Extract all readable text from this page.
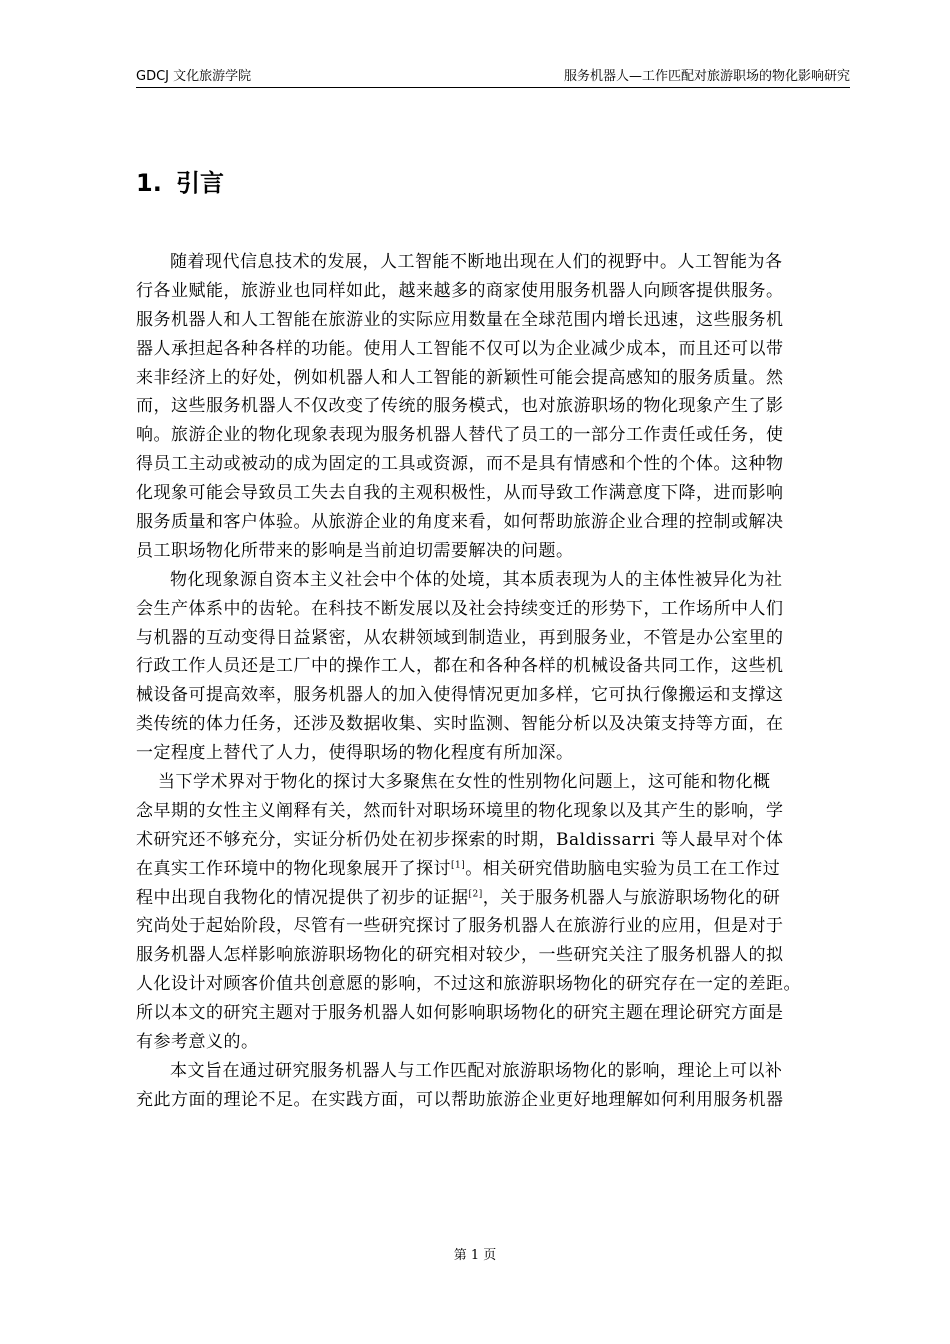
GDCJ 文化旅游学院	服务机器人—工作匹配对旅游职场的物化影响研究
1. 引言
随着现代信息技术的发展，人工智能不断地出现在人们的视野中。人工智能为各
行各业赋能，旅游业也同样如此，越来越多的商家使用服务机器人向顾客提供服务。
服务机器人和人工智能在旅游业的实际应用数量在全球范围内增长迅速，这些服务机
器人承担起各种各样的功能。使用人工智能不仅可以为企业减少成本，而且还可以带
来非经济上的好处，例如机器人和人工智能的新颖性可能会提高感知的服务质量。然
而，这些服务机器人不仅改变了传统的服务模式，也对旅游职场的物化现象产生了影
响。旅游企业的物化现象表现为服务机器人替代了员工的一部分工作责任或任务，使
得员工主动或被动的成为固定的工具或资源，而不是具有情感和个性的个体。这种物
化现象可能会导致员工失去自我的主观积极性，从而导致工作满意度下降，进而影响
服务质量和客户体验。从旅游企业的角度来看，如何帮助旅游企业合理的控制或解决
员工职场物化所带来的影响是当前迫切需要解决的问题。
物化现象源自资本主义社会中个体的处境，其本质表现为人的主体性被异化为社
会生产体系中的齿轮。在科技不断发展以及社会持续变迁的形势下，工作场所中人们
与机器的互动变得日益紧密，从农耕领域到制造业，再到服务业，不管是办公室里的
行政工作人员还是工厂中的操作工人，都在和各种各样的机械设备共同工作，这些机
械设备可提高效率，服务机器人的加入使得情况更加多样，它可执行像搬运和支撑这
类传统的体力任务，还涉及数据收集、实时监测、智能分析以及决策支持等方面，在
一定程度上替代了人力，使得职场的物化程度有所加深。
当下学术界对于物化的探讨大多聚焦在女性的性别物化问题上，这可能和物化概
念早期的女性主义阐释有关，然而针对职场环境里的物化现象以及其产生的影响，学
术研究还不够充分，实证分析仍处在初步探索的时期，Baldissarri 等人最早对个体
在真实工作环境中的物化现象展开了探讨[1]。相关研究借助脑电实验为员工在工作过
程中出现自我物化的情况提供了初步的证据[2]，关于服务机器人与旅游职场物化的研
究尚处于起始阶段，尽管有一些研究探讨了服务机器人在旅游行业的应用，但是对于
服务机器人怎样影响旅游职场物化的研究相对较少，一些研究关注了服务机器人的拟
人化设计对顾客价值共创意愿的影响，不过这和旅游职场物化的研究存在一定的差距。
所以本文的研究主题对于服务机器人如何影响职场物化的研究主题在理论研究方面是
有参考意义的。
本文旨在通过研究服务机器人与工作匹配对旅游职场物化的影响，理论上可以补
充此方面的理论不足。在实践方面，可以帮助旅游企业更好地理解如何利用服务机器
第 1 页
